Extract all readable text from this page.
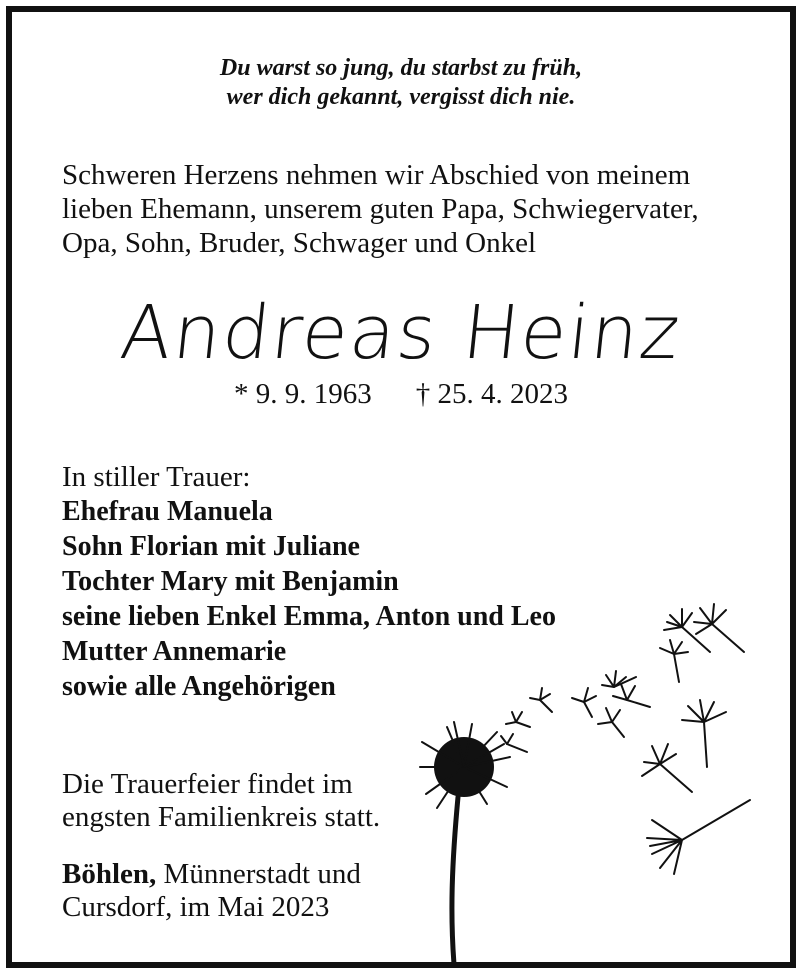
Du warst so jung, du starbst zu früh,
wer dich gekannt, vergisst dich nie.
Schweren Herzens nehmen wir Abschied von meinem
lieben Ehemann, unserem guten Papa, Schwiegervater,
Opa, Sohn, Bruder, Schwager und Onkel
Andreas Heinz
* 9. 9. 1963 † 25. 4. 2023
In stiller Trauer:
Ehefrau Manuela
Sohn Florian mit Juliane
Tochter Mary mit Benjamin
seine lieben Enkel Emma, Anton und Leo
Mutter Annemarie
sowie alle Angehörigen
Die Trauerfeier findet im
engsten Familienkreis statt.
Böhlen, Münnerstadt und
Cursdorf, im Mai 2023
